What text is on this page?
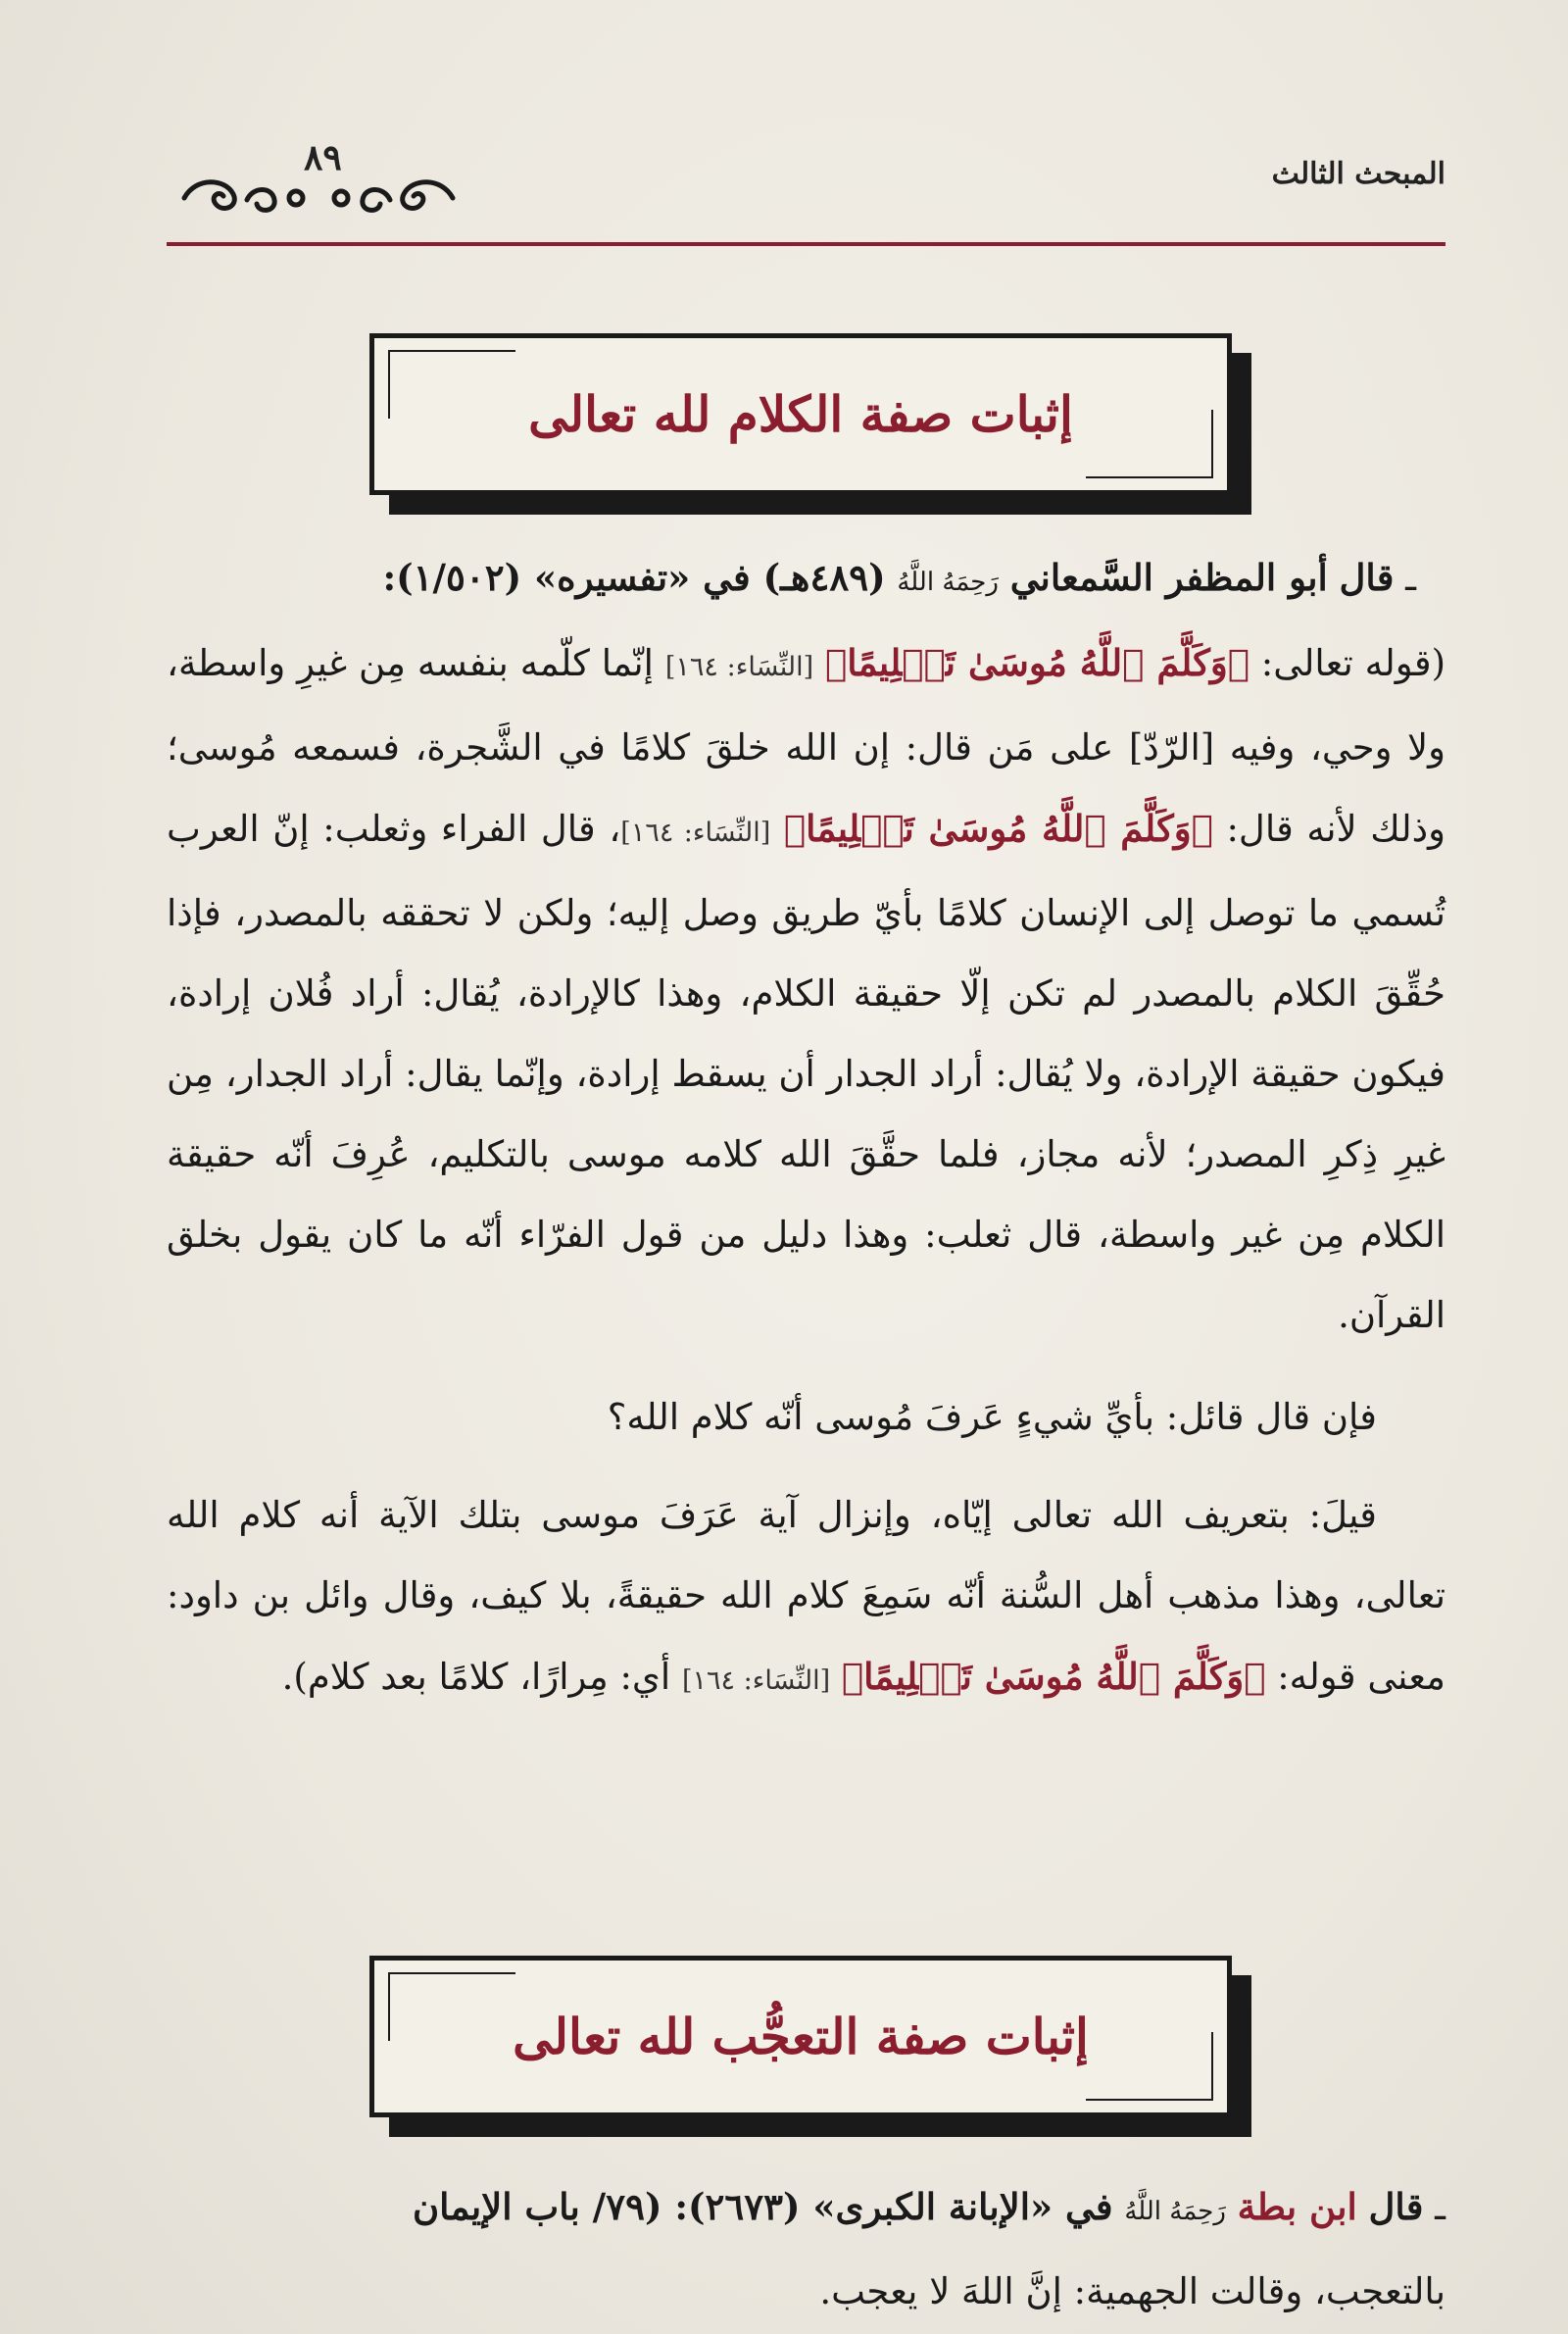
المبحث الثالث
٨٩
إثبات صفة الكلام لله تعالى
ـ قال أبو المظفر السَّمعاني رَحِمَهُ اللَّهُ (٤٨٩هـ) في «تفسيره» (١/٥٠٢):
(قوله تعالى: ﴿وَكَلَّمَ ٱللَّهُ مُوسَىٰ تَكۡلِيمًا﴾ [النِّسَاء: ١٦٤] إنّما كلّمه بنفسه مِن غيرِ واسطة، ولا وحي، وفيه [الرّدّ] على مَن قال: إن الله خلقَ كلامًا في الشَّجرة، فسمعه مُوسى؛ وذلك لأنه قال: ﴿وَكَلَّمَ ٱللَّهُ مُوسَىٰ تَكۡلِيمًا﴾ [النِّسَاء: ١٦٤]، قال الفراء وثعلب: إنّ العرب تُسمي ما توصل إلى الإنسان كلامًا بأيّ طريق وصل إليه؛ ولكن لا تحققه بالمصدر، فإذا حُقِّقَ الكلام بالمصدر لم تكن إلّا حقيقة الكلام، وهذا كالإرادة، يُقال: أراد فُلان إرادة، فيكون حقيقة الإرادة، ولا يُقال: أراد الجدار أن يسقط إرادة، وإنّما يقال: أراد الجدار، مِن غيرِ ذِكرِ المصدر؛ لأنه مجاز، فلما حقَّقَ الله كلامه موسى بالتكليم، عُرِفَ أنّه حقيقة الكلام مِن غير واسطة، قال ثعلب: وهذا دليل من قول الفرّاء أنّه ما كان يقول بخلق القرآن.
فإن قال قائل: بأيِّ شيءٍ عَرفَ مُوسى أنّه كلام الله؟
قيلَ: بتعريف الله تعالى إيّاه، وإنزال آية عَرَفَ موسى بتلك الآية أنه كلام الله تعالى، وهذا مذهب أهل السُّنة أنّه سَمِعَ كلام الله حقيقةً، بلا كيف، وقال وائل بن داود: معنى قوله: ﴿وَكَلَّمَ ٱللَّهُ مُوسَىٰ تَكۡلِيمًا﴾ [النِّسَاء: ١٦٤] أي: مِرارًا، كلامًا بعد كلام).
إثبات صفة التعجُّب لله تعالى
ـ قال ابن بطة رَحِمَهُ اللَّهُ في «الإبانة الكبرى» (٢٦٧٣): (٧٩/ باب الإيمان
بالتعجب، وقالت الجهمية: إنَّ اللهَ لا يعجب.
